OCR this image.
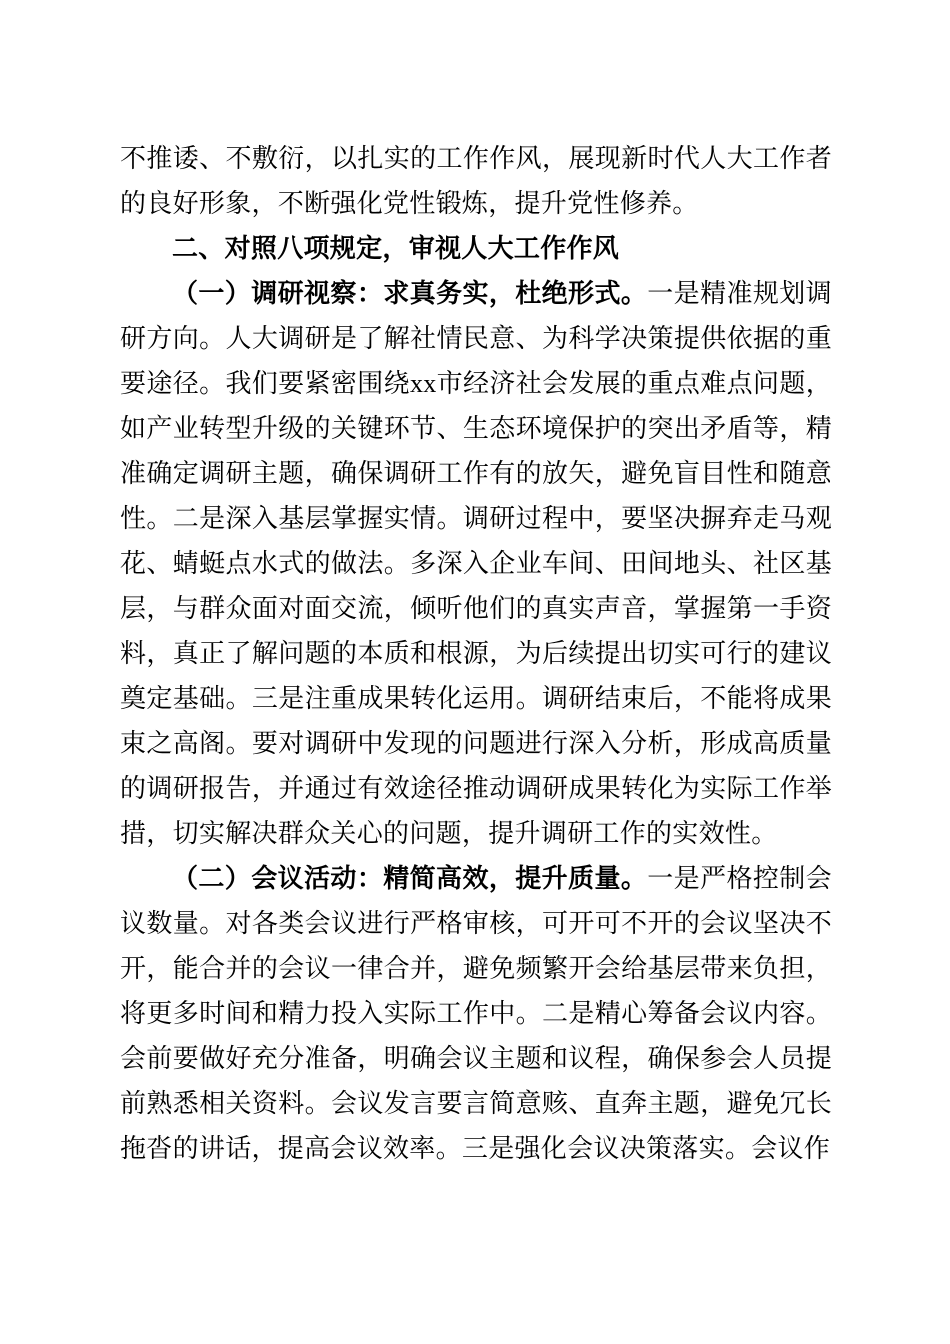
不推诿、不敷衍，以扎实的工作作风，展现新时代人大工作者的良好形象，不断强化党性锻炼，提升党性修养。

二、对照八项规定，审视人大工作作风

（一）调研视察：求真务实，杜绝形式。一是精准规划调研方向。人大调研是了解社情民意、为科学决策提供依据的重要途径。我们要紧密围绕xx市经济社会发展的重点难点问题，如产业转型升级的关键环节、生态环境保护的突出矛盾等，精准确定调研主题，确保调研工作有的放矢，避免盲目性和随意性。二是深入基层掌握实情。调研过程中，要坚决摒弃走马观花、蜻蜓点水式的做法。多深入企业车间、田间地头、社区基层，与群众面对面交流，倾听他们的真实声音，掌握第一手资料，真正了解问题的本质和根源，为后续提出切实可行的建议奠定基础。三是注重成果转化运用。调研结束后，不能将成果束之高阁。要对调研中发现的问题进行深入分析，形成高质量的调研报告，并通过有效途径推动调研成果转化为实际工作举措，切实解决群众关心的问题，提升调研工作的实效性。

（二）会议活动：精简高效，提升质量。一是严格控制会议数量。对各类会议进行严格审核，可开可不开的会议坚决不开，能合并的会议一律合并，避免频繁开会给基层带来负担，将更多时间和精力投入实际工作中。二是精心筹备会议内容。会前要做好充分准备，明确会议主题和议程，确保参会人员提前熟悉相关资料。会议发言要言简意赅、直奔主题，避免冗长拖沓的讲话，提高会议效率。三是强化会议决策落实。会议作
